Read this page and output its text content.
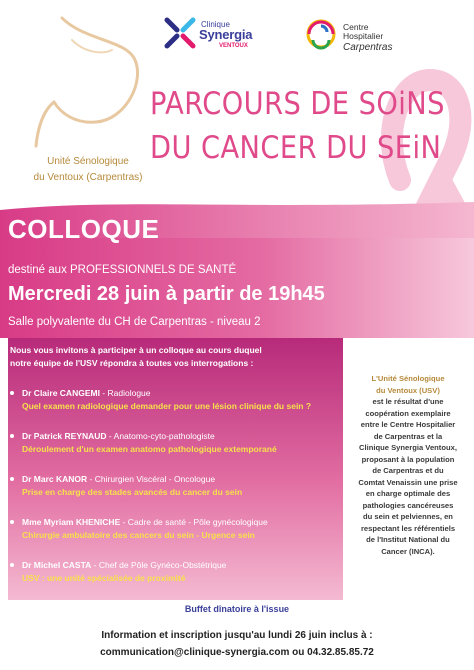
Clinique
Synergia
VENTOUX
Centre
Hospitalier
Carpentras
PARCOURS DE SOiNS
DU CANCER DU SEiN
Unité Sénologique
du Ventoux (Carpentras)
COLLOQUE
destiné aux PROFESSIONNELS DE SANTÉ
Mercredi 28 juin à partir de 19h45
Salle polyvalente du CH de Carpentras - niveau 2
Nous vous invitons à participer à un colloque au cours duquel
notre équipe de l'USV répondra à toutes vos interrogations :
Dr Claire CANGEMI - Radiologue
Quel examen radiologique demander pour une lésion clinique du sein ?
Dr Patrick REYNAUD - Anatomo-cyto-pathologiste
Déroulement d'un examen anatomo pathologique extemporané
Dr Marc KANOR - Chirurgien Viscéral - Oncologue
Prise en charge des stades avancés du cancer du sein
Mme Myriam KHENICHE - Cadre de santé - Pôle gynécologique
Chirurgie ambulatoire des cancers du sein - Urgence sein
Dr Michel CASTA - Chef de Pôle Gynéco-Obstétrique
USV : une unité spécialisée de proximité
L'Unité Sénologique
du Ventoux (USV)
est le résultat d'une
coopération exemplaire
entre le Centre Hospitalier
de Carpentras et la
Clinique Synergia Ventoux,
proposant à la population
de Carpentras et du
Comtat Venaissin une prise
en charge optimale des
pathologies cancéreuses
du sein et pelviennes, en
respectant les référentiels
de l'Institut National du
Cancer (INCA).
Buffet dînatoire à l'issue
Information et inscription jusqu'au lundi 26 juin inclus à :
communication@clinique-synergia.com ou 04.32.85.85.72
